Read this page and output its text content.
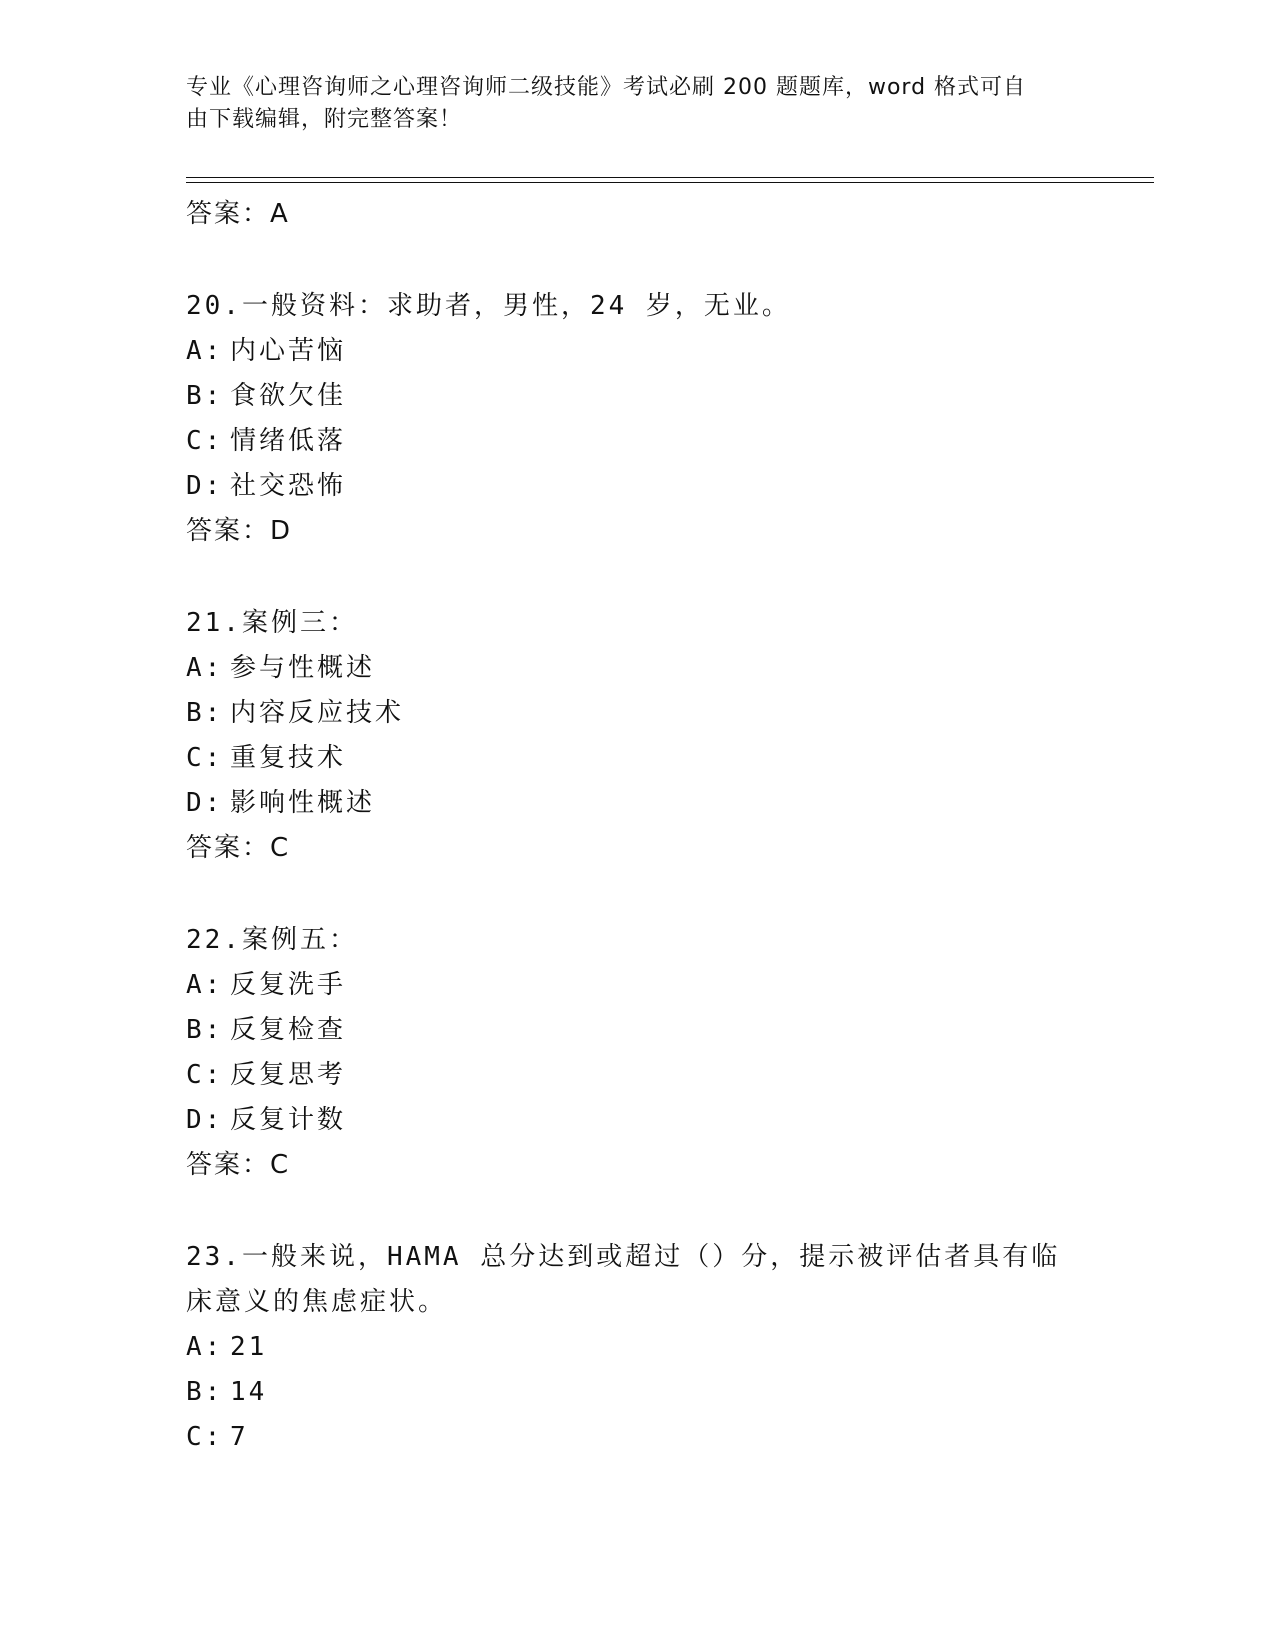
专业《心理咨询师之心理咨询师二级技能》考试必刷 200 题题库，word 格式可自
由下载编辑，附完整答案！
答案：A
20.一般资料：求助者，男性，24 岁，无业。
A: 内心苦恼
B: 食欲欠佳
C: 情绪低落
D: 社交恐怖
答案：D
21.案例三：
A: 参与性概述
B: 内容反应技术
C: 重复技术
D: 影响性概述
答案：C
22.案例五：
A: 反复洗手
B: 反复检查
C: 反复思考
D: 反复计数
答案：C
23.一般来说，HAMA 总分达到或超过（）分，提示被评估者具有临床意义的焦虑症状。
A: 21
B: 14
C: 7
